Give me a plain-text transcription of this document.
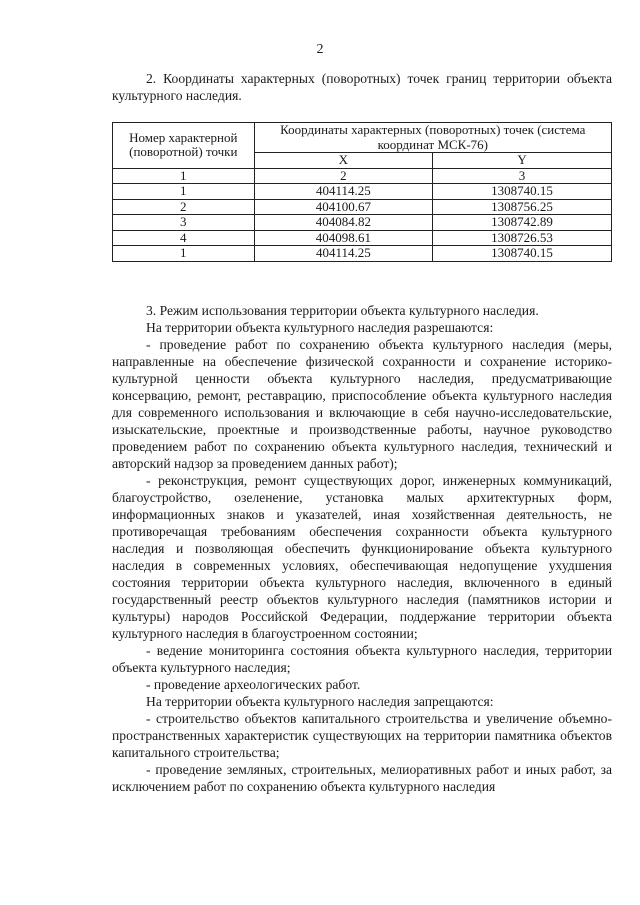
2

2. Координаты характерных (поворотных) точек границ территории объекта культурного наследия.

Номер характерной (поворотной) точки	Координаты характерных (поворотных) точек (система координат МСК-76)	
	X	Y
1	2	3
1	404114.25	1308740.15
2	404100.67	1308756.25
3	404084.82	1308742.89
4	404098.61	1308726.53
1	404114.25	1308740.15

3. Режим использования территории объекта культурного наследия.

На территории объекта культурного наследия разрешаются:

- проведение работ по сохранению объекта культурного наследия (меры, направленные на обеспечение физической сохранности и сохранение историко-культурной ценности объекта культурного наследия, предусматривающие консервацию, ремонт, реставрацию, приспособление объекта культурного наследия для современного использования и включающие в себя научно-исследовательские, изыскательские, проектные и производственные работы, научное руководство проведением работ по сохранению объекта культурного наследия, технический и авторский надзор за проведением данных работ);

- реконструкция, ремонт существующих дорог, инженерных коммуникаций, благоустройство, озеленение, установка малых архитектурных форм, информационных знаков и указателей, иная хозяйственная деятельность, не противоречащая требованиям обеспечения сохранности объекта культурного наследия и позволяющая обеспечить функционирование объекта культурного наследия в современных условиях, обеспечивающая недопущение ухудшения состояния территории объекта культурного наследия, включенного в единый государственный реестр объектов культурного наследия (памятников истории и культуры) народов Российской Федерации, поддержание территории объекта культурного наследия в благоустроенном состоянии;

- ведение мониторинга состояния объекта культурного наследия, территории объекта культурного наследия;

- проведение археологических работ.

На территории объекта культурного наследия запрещаются:

- строительство объектов капитального строительства и увеличение объемно-пространственных характеристик существующих на территории памятника объектов капитального строительства;

- проведение земляных, строительных, мелиоративных работ и иных работ, за исключением работ по сохранению объекта культурного наследия
